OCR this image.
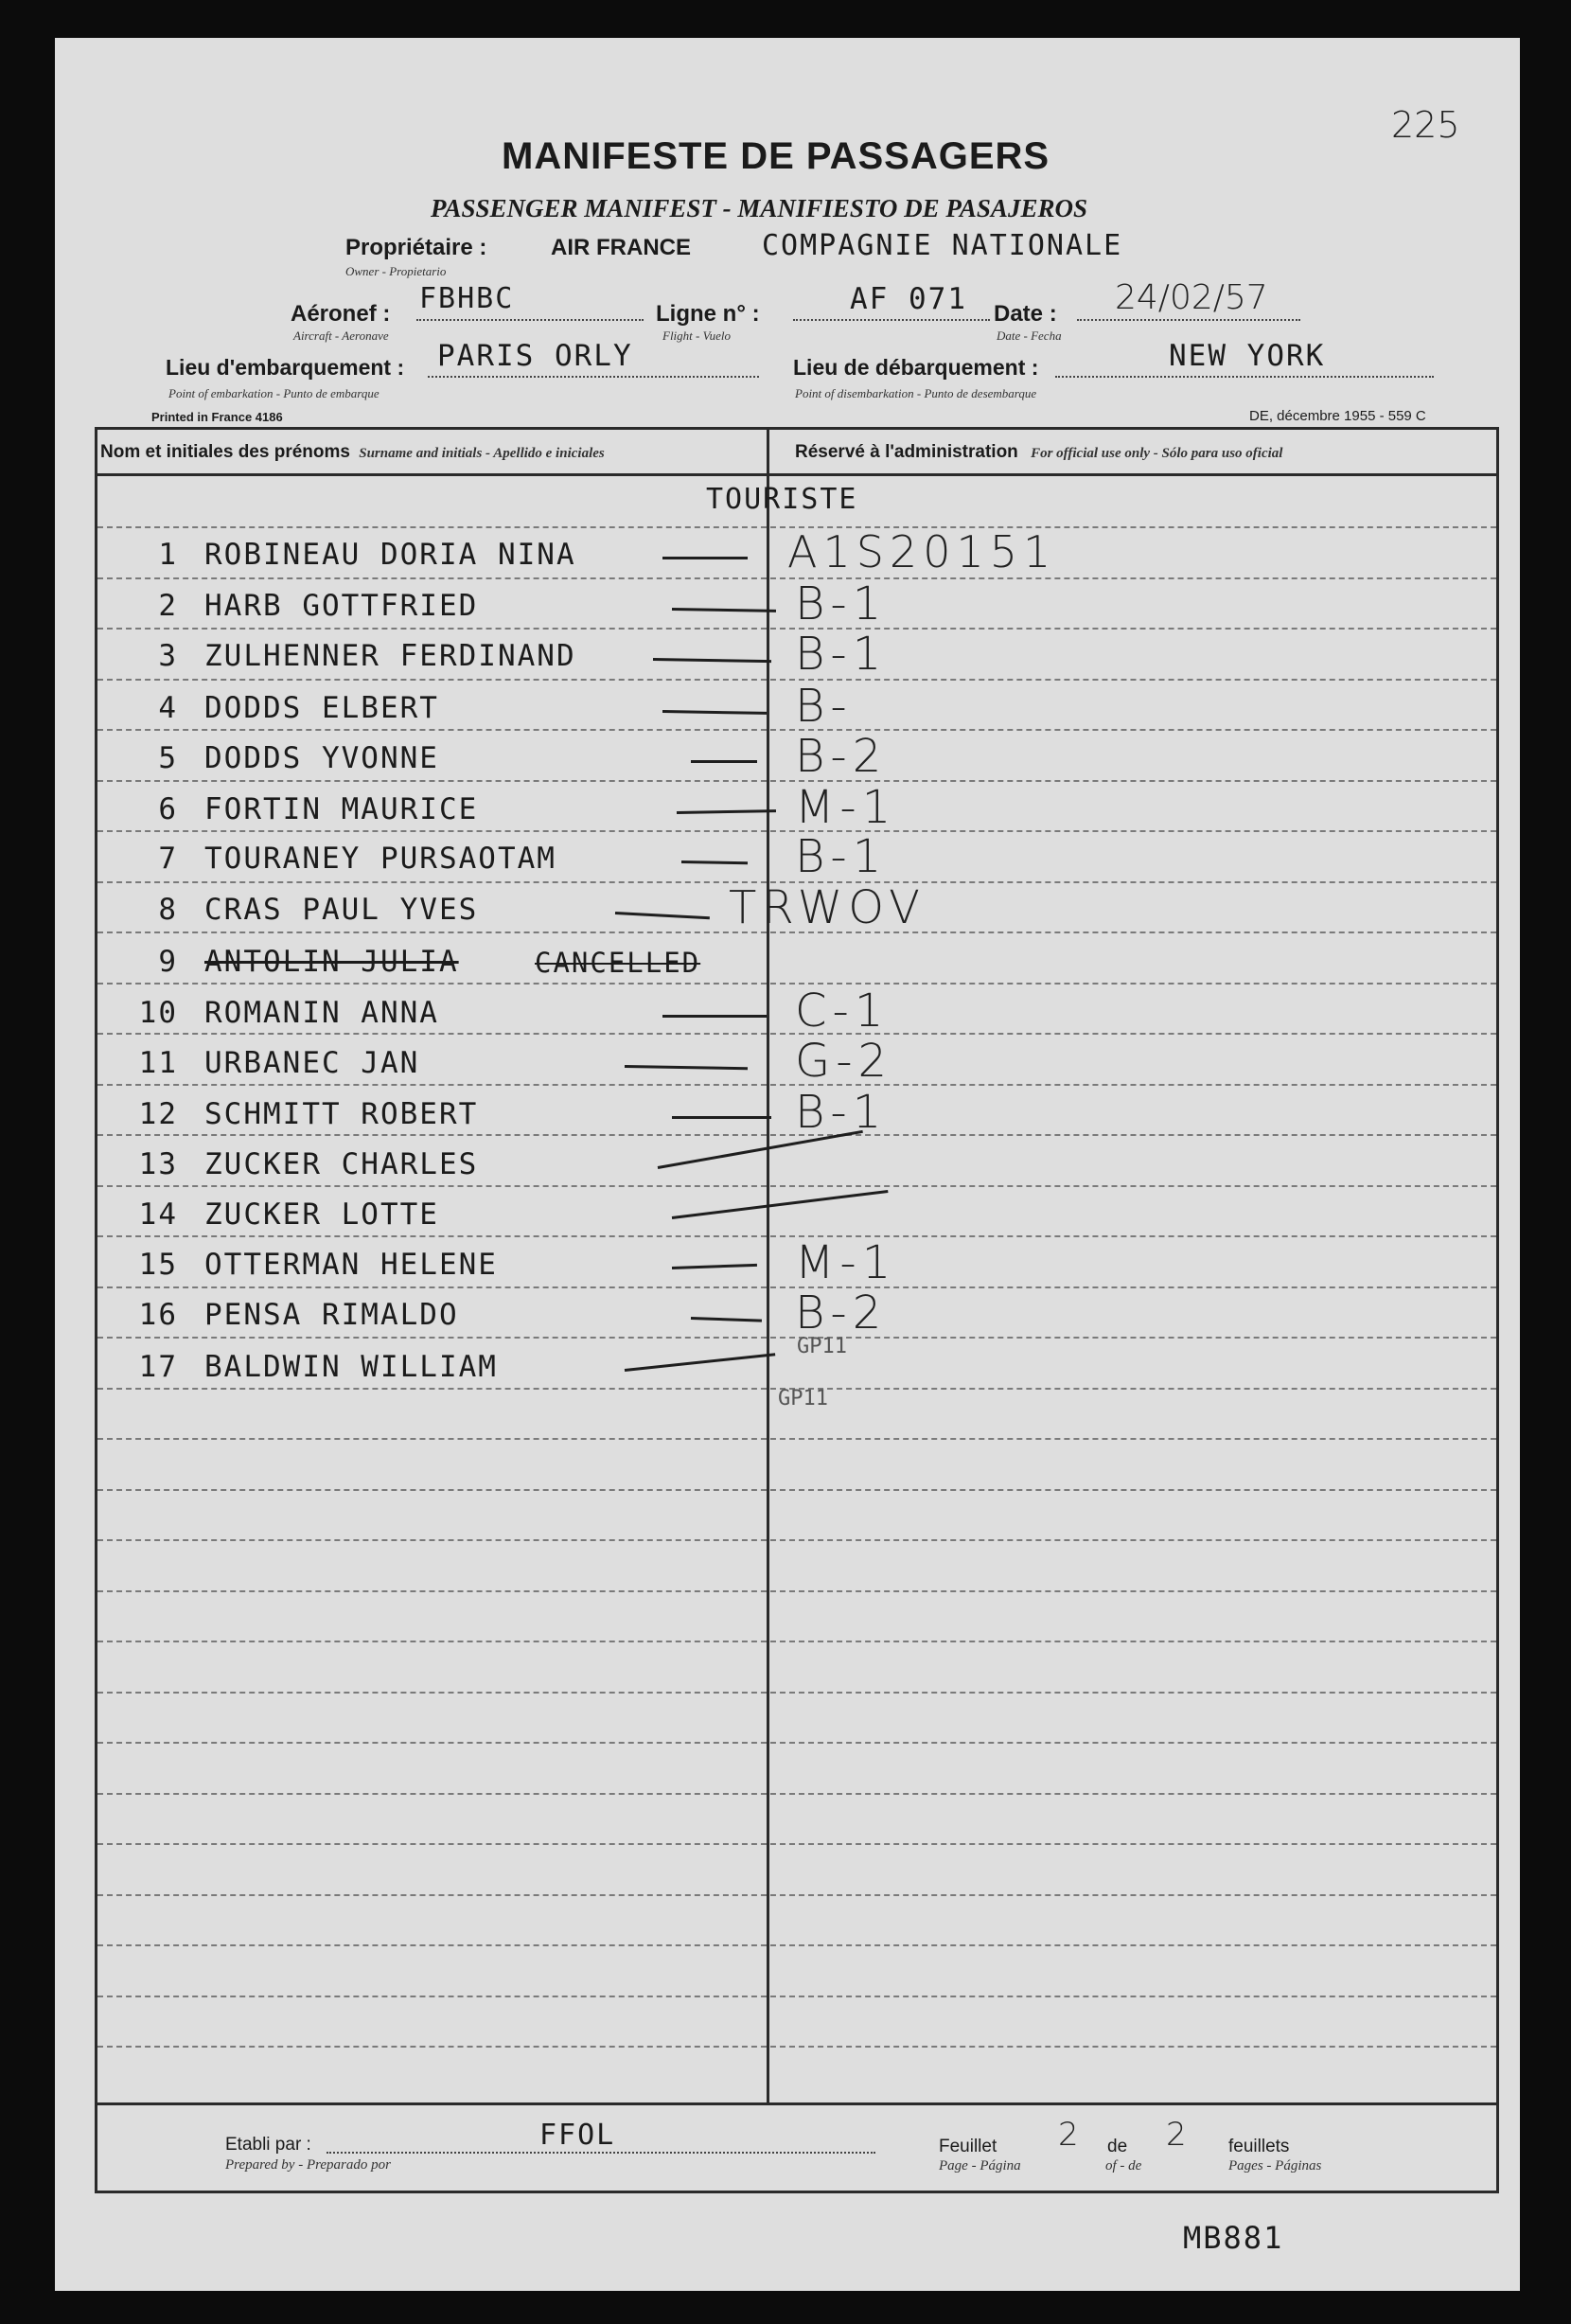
225
MANIFESTE DE PASSAGERS
PASSENGER MANIFEST - MANIFIESTO DE PASAJEROS
Propriétaire :	AIR FRANCE	COMPAGNIE NATIONALE
Owner - Propietario
Aéronef : FBHBC
Aircraft - Aeronave
Ligne n° :	AF 071
Flight - Vuelo
Date : 24/02/57
Date - Fecha
Lieu d'embarquement : PARIS ORLY
Point of embarkation - Punto de embarque
Lieu de débarquement :	NEW YORK
Point of disembarkation - Punto de desembarque
Printed in France 4186	DE, décembre 1955 - 559 C
Nom et initiales des prénoms Surname and initials - Apellido e iniciales	Réservé à l'administration For official use only - Sólo para uso oficial
TOURISTE
1 ROBINEAU DORIA NINA	A1S20151
2 HARB GOTTFRIED	B-1
3 ZULHENNER FERDINAND	B-1
4 DODDS ELBERT	B-
5 DODDS YVONNE	B-2
6 FORTIN MAURICE	M-1
7 TOURANEY PURSAOTAM	B-1
8 CRAS PAUL YVES	TRWOV
9 ANTOLIN JULIA	CANCELLED
10 ROMANIN ANNA	C-1
11 URBANEC JAN	G-2
12 SCHMITT ROBERT	B-1
13 ZUCKER CHARLES
14 ZUCKER LOTTE
15 OTTERMAN HELENE	M-1
16 PENSA RIMALDO	B-2
17 BALDWIN WILLIAM
GP11
GP11
Etabli par :	FFOL
Prepared by - Preparado por
Feuillet 2 de 2 feuillets
Page - Página	of - de	Pages - Páginas
MB881
